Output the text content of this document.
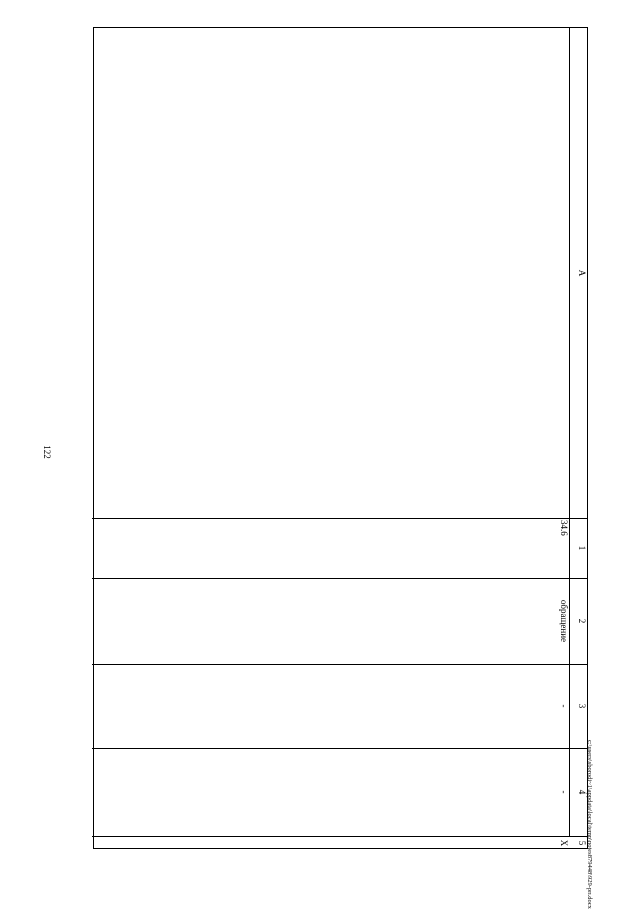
122
A
1
2
3
4
5
34.6
обращение
-
-
X	c:\users\sborodi~1\appdata\local\temp\notes879448\929-рп.docx
